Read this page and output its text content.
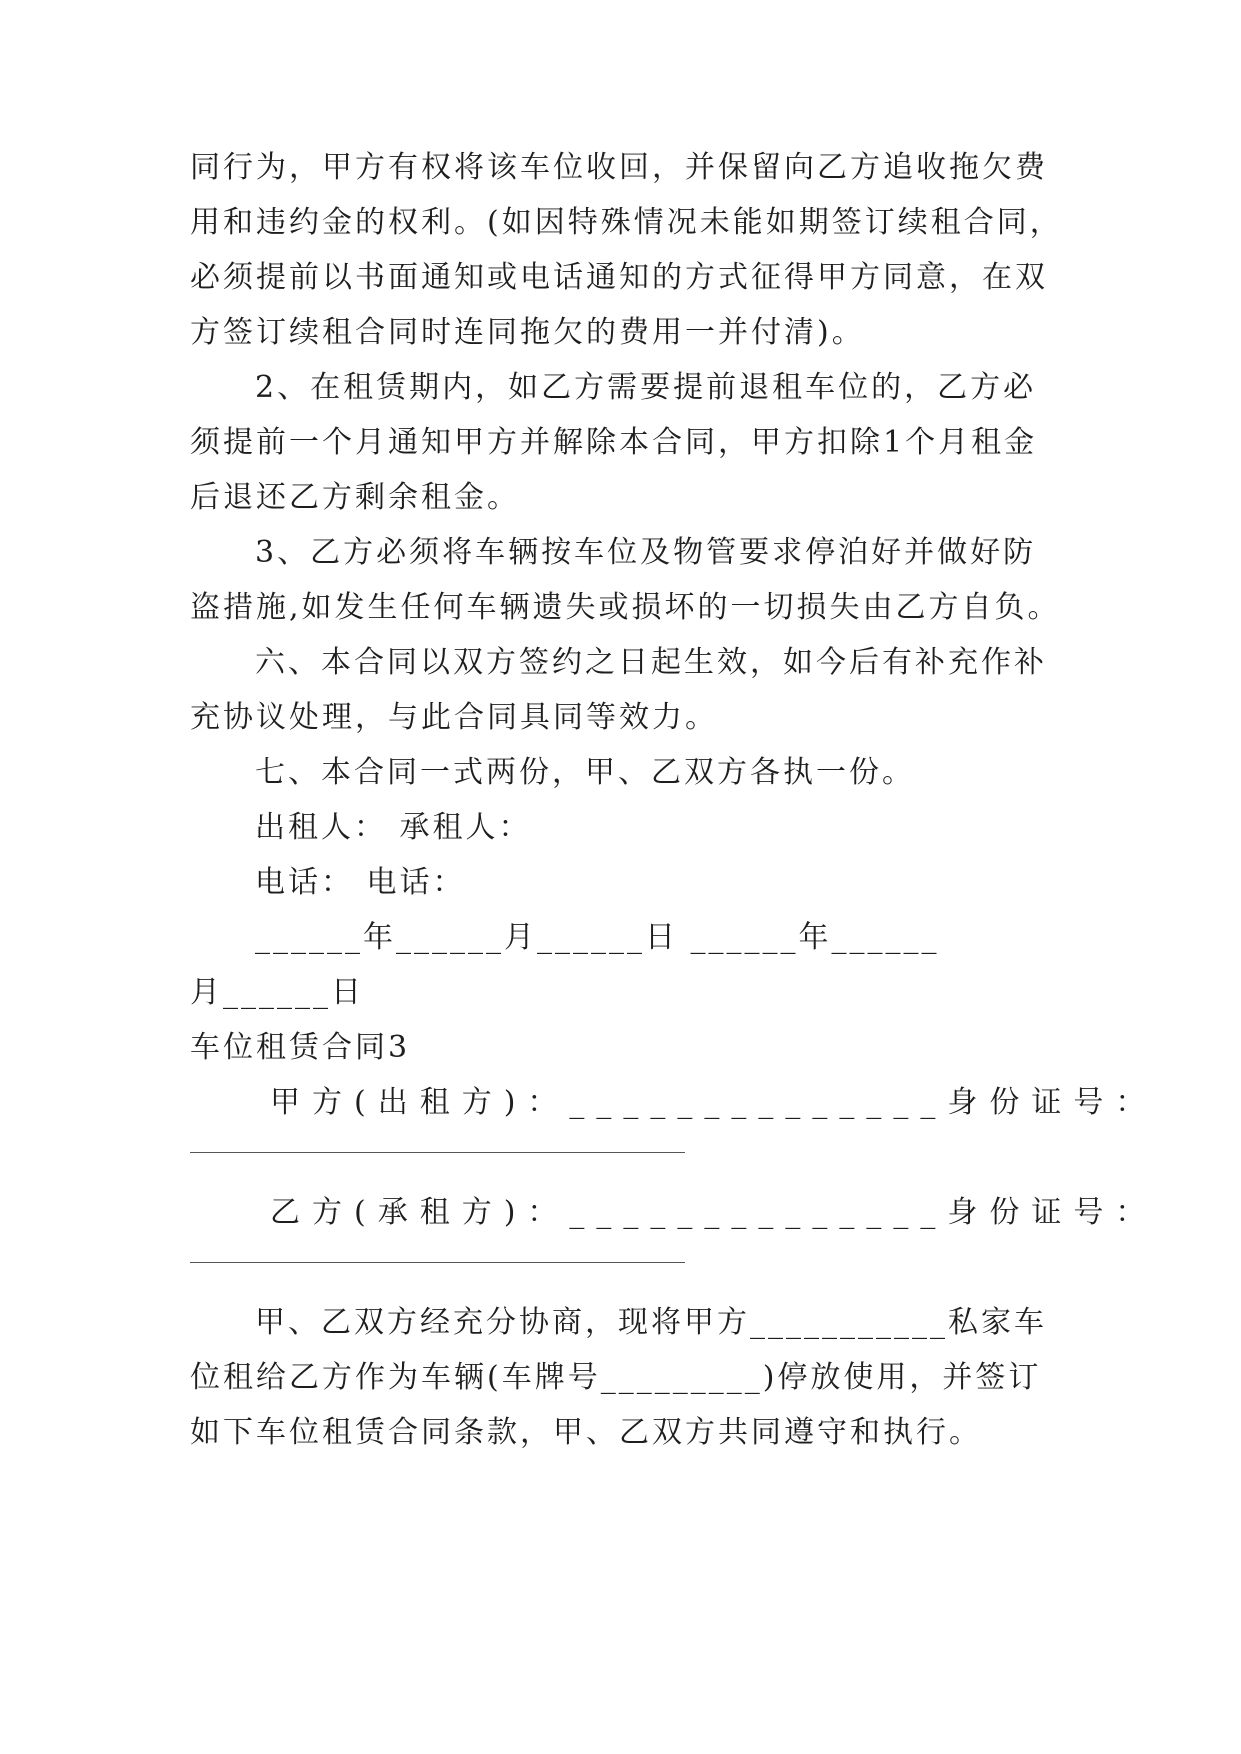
同行为，甲方有权将该车位收回，并保留向乙方追收拖欠费
用和违约金的权利。(如因特殊情况未能如期签订续租合同，
必须提前以书面通知或电话通知的方式征得甲方同意，在双
方签订续租合同时连同拖欠的费用一并付清)。
2、在租赁期内，如乙方需要提前退租车位的，乙方必
须提前一个月通知甲方并解除本合同，甲方扣除1个月租金
后退还乙方剩余租金。
3、乙方必须将车辆按车位及物管要求停泊好并做好防
盗措施,如发生任何车辆遗失或损坏的一切损失由乙方自负。
六、本合同以双方签约之日起生效，如今后有补充作补
充协议处理，与此合同具同等效力。
七、本合同一式两份，甲、乙双方各执一份。
出租人： 承租人：
电话： 电话：
______年______月______日 ______年______
月______日
车位租赁合同3
甲方(出租方)：______________身份证号：
乙方(承租方)：______________身份证号：
甲、乙双方经充分协商，现将甲方___________私家车
位租给乙方作为车辆(车牌号_________)停放使用，并签订
如下车位租赁合同条款，甲、乙双方共同遵守和执行。
